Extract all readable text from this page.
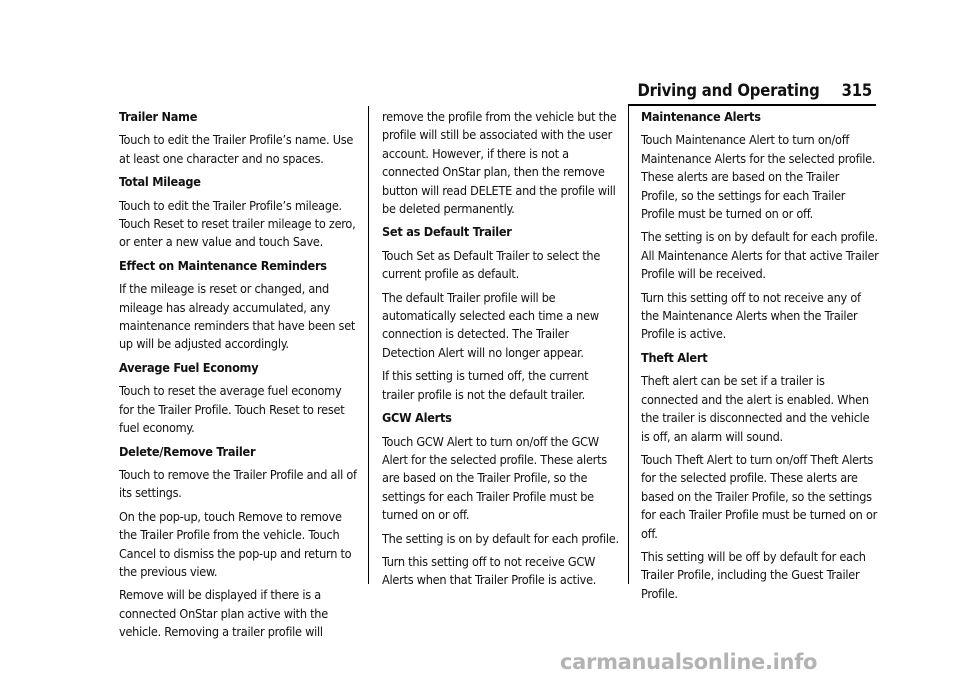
Driving and Operating 315

Trailer Name

Touch to edit the Trailer Profile’s name. Use at least one character and no spaces.

Total Mileage

Touch to edit the Trailer Profile’s mileage. Touch Reset to reset trailer mileage to zero, or enter a new value and touch Save.

Effect on Maintenance Reminders

If the mileage is reset or changed, and mileage has already accumulated, any maintenance reminders that have been set up will be adjusted accordingly.

Average Fuel Economy

Touch to reset the average fuel economy for the Trailer Profile. Touch Reset to reset fuel economy.

Delete/Remove Trailer

Touch to remove the Trailer Profile and all of its settings.

On the pop-up, touch Remove to remove the Trailer Profile from the vehicle. Touch Cancel to dismiss the pop-up and return to the previous view.

Remove will be displayed if there is a connected OnStar plan active with the vehicle. Removing a trailer profile will

remove the profile from the vehicle but the profile will still be associated with the user account. However, if there is not a connected OnStar plan, then the remove button will read DELETE and the profile will be deleted permanently.

Set as Default Trailer

Touch Set as Default Trailer to select the current profile as default.

The default Trailer profile will be automatically selected each time a new connection is detected. The Trailer Detection Alert will no longer appear.

If this setting is turned off, the current trailer profile is not the default trailer.

GCW Alerts

Touch GCW Alert to turn on/off the GCW Alert for the selected profile. These alerts are based on the Trailer Profile, so the settings for each Trailer Profile must be turned on or off.

The setting is on by default for each profile.

Turn this setting off to not receive GCW Alerts when that Trailer Profile is active.

Maintenance Alerts

Touch Maintenance Alert to turn on/off Maintenance Alerts for the selected profile. These alerts are based on the Trailer Profile, so the settings for each Trailer Profile must be turned on or off.

The setting is on by default for each profile. All Maintenance Alerts for that active Trailer Profile will be received.

Turn this setting off to not receive any of the Maintenance Alerts when the Trailer Profile is active.

Theft Alert

Theft alert can be set if a trailer is connected and the alert is enabled. When the trailer is disconnected and the vehicle is off, an alarm will sound.

Touch Theft Alert to turn on/off Theft Alerts for the selected profile. These alerts are based on the Trailer Profile, so the settings for each Trailer Profile must be turned on or off.

This setting will be off by default for each Trailer Profile, including the Guest Trailer Profile.

carmanualsonline.info
